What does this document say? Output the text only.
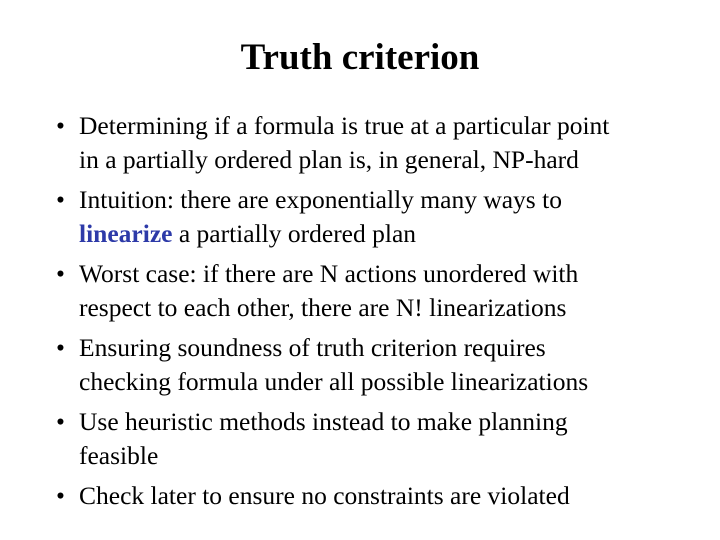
Truth criterion
• Determining if a formula is true at a particular point
in a partially ordered plan is, in general, NP-hard
• Intuition: there are exponentially many ways to
linearize a partially ordered plan
• Worst case: if there are N actions unordered with
respect to each other, there are N! linearizations
• Ensuring soundness of truth criterion requires
checking formula under all possible linearizations
• Use heuristic methods instead to make planning
feasible
• Check later to ensure no constraints are violated
